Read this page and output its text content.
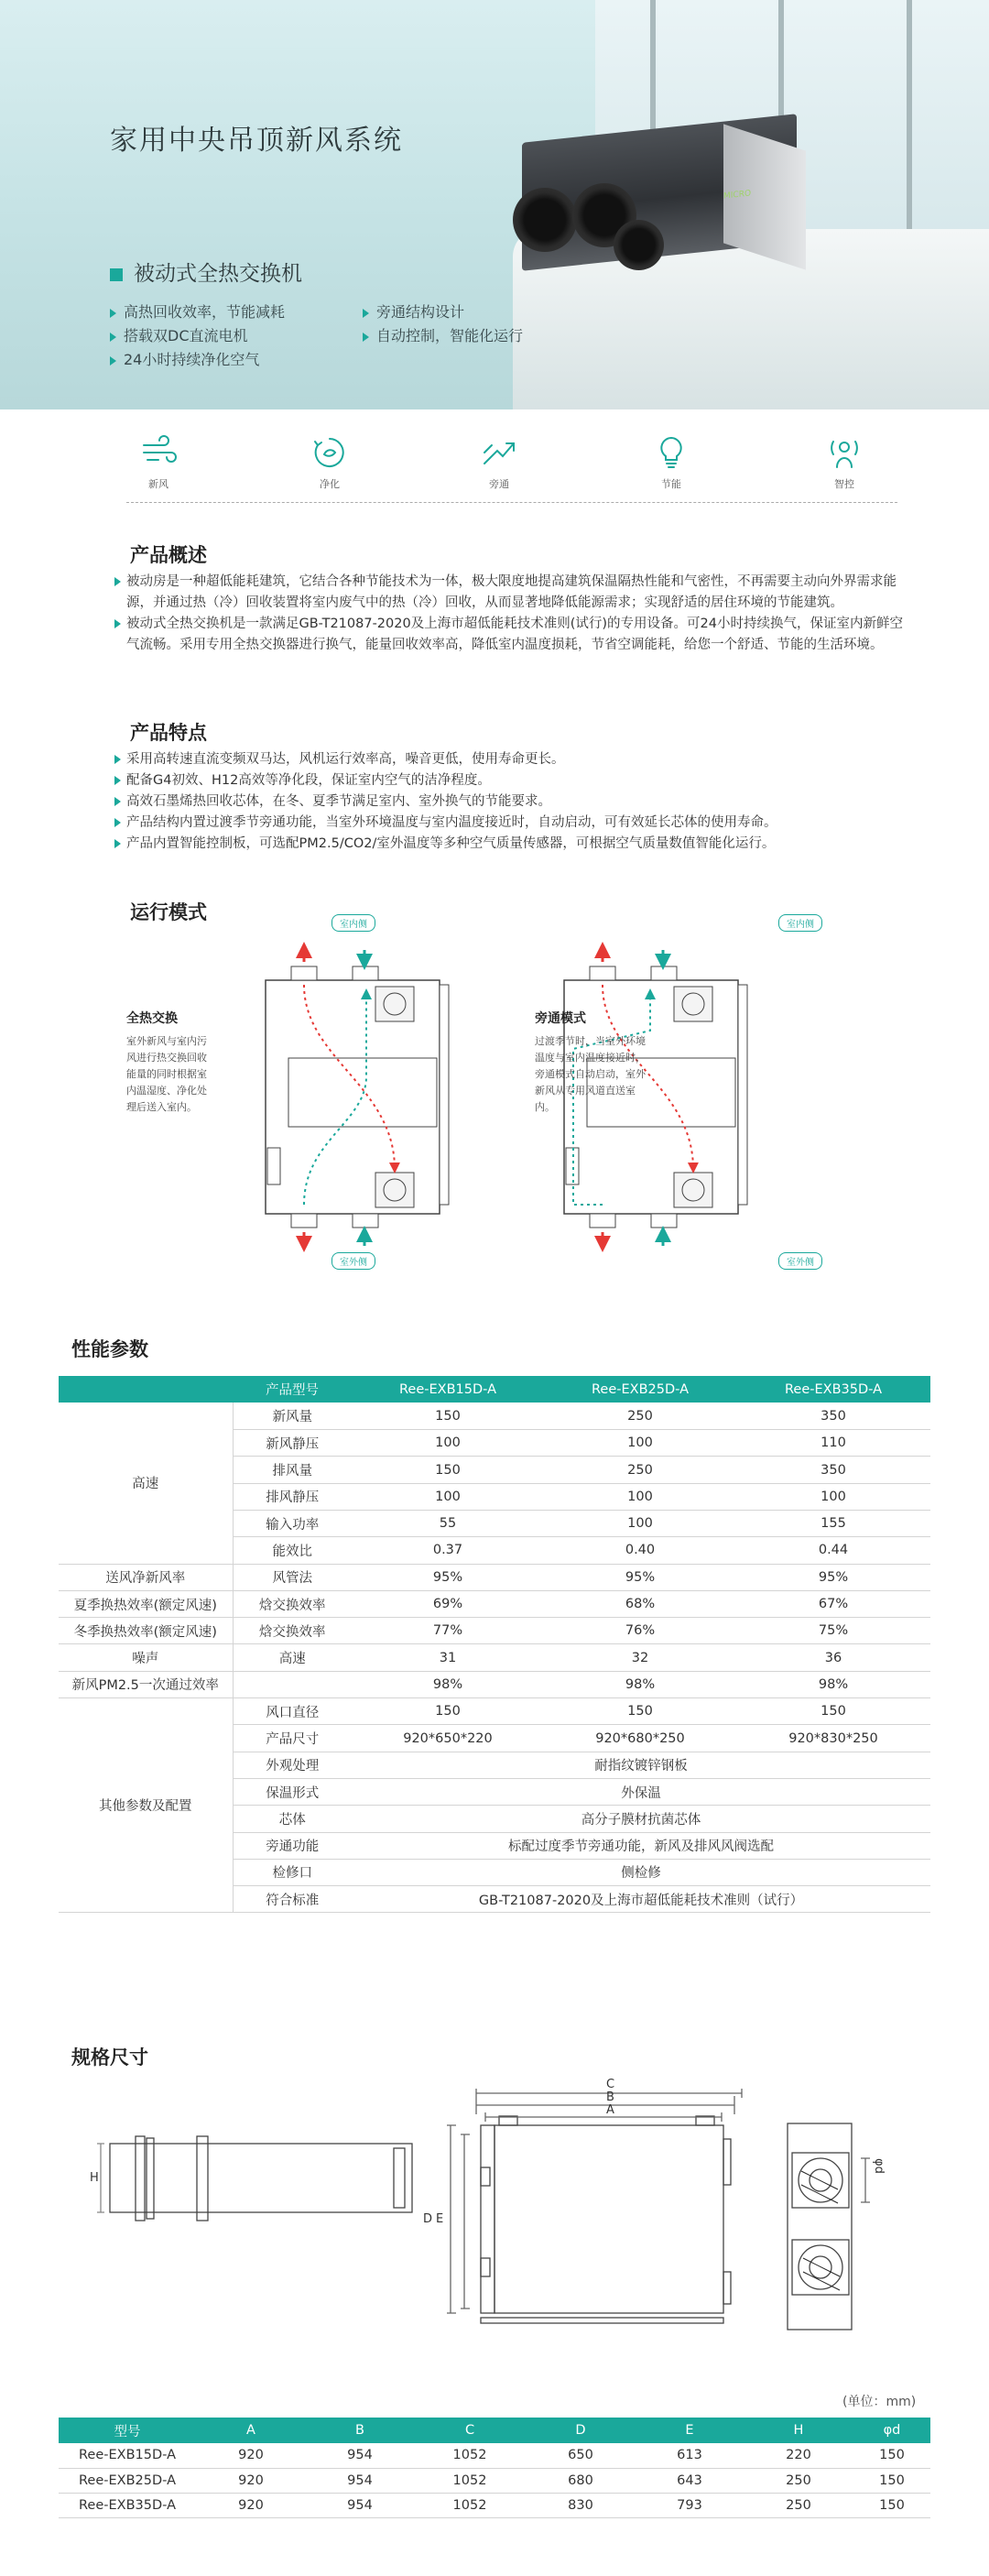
MICRO
家用中央吊顶新风系统
被动式全热交换机
高热回收效率，节能减耗	旁通结构设计
搭载双DC直流电机	自动控制，智能化运行
24小时持续净化空气
新风	净化	旁通	节能	智控
产品概述
被动房是一种超低能耗建筑，它结合各种节能技术为一体，极大限度地提高建筑保温隔热性能和气密性，不再需要主动向外界需求能源，并通过热（冷）回收装置将室内废气中的热（冷）回收，从而显著地降低能源需求；实现舒适的居住环境的节能建筑。
被动式全热交换机是一款满足GB-T21087-2020及上海市超低能耗技术准则(试行)的专用设备。可24小时持续换气，保证室内新鲜空气流畅。采用专用全热交换器进行换气，能量回收效率高，降低室内温度损耗，节省空调能耗，给您一个舒适、节能的生活环境。
产品特点
采用高转速直流变频双马达，风机运行效率高，噪音更低，使用寿命更长。
配备G4初效、H12高效等净化段，保证室内空气的洁净程度。
高效石墨烯热回收芯体，在冬、夏季节满足室内、室外换气的节能要求。
产品结构内置过渡季节旁通功能，当室外环境温度与室内温度接近时，自动启动，可有效延长芯体的使用寿命。
产品内置智能控制板，可选配PM2.5/CO2/室外温度等多种空气质量传感器，可根据空气质量数值智能化运行。
运行模式
室内侧	室内侧
室外侧	室外侧
全热交换
室外新风与室内污
风进行热交换回收
能量的同时根据室
内温湿度、净化处
理后送入室内。
旁通模式
过渡季节时，当室外环境
温度与室内温度接近时，
旁通模式自动启动，室外
新风从专用风道直送室
内。
性能参数
	产品型号	Ree-EXB15D-A	Ree-EXB25D-A	Ree-EXB35D-A
高速	新风量	150	250	350
	新风静压	100	100	110
	排风量	150	250	350
	排风静压	100	100	100
	输入功率	55	100	155
	能效比	0.37	0.40	0.44
送风净新风率	风管法	95%	95%	95%
夏季换热效率(额定风速)	焓交换效率	69%	68%	67%
冬季换热效率(额定风速)	焓交换效率	77%	76%	75%
噪声	高速	31	32	36
新风PM2.5一次通过效率		98%	98%	98%
其他参数及配置	风口直径	150	150	150
	产品尺寸	920*650*220	920*680*250	920*830*250
	外观处理	耐指纹镀锌钢板		
	保温形式	外保温		
	芯体	高分子膜材抗菌芯体		
	旁通功能	标配过度季节旁通功能，新风及排风风阀选配		
	检修口	侧检修		
	符合标准	GB-T21087-2020及上海市超低能耗技术准则（试行）		
规格尺寸
C
B
A
H
D E
φd
(单位：mm)
型号	A	B	C	D	E	H	φd
Ree-EXB15D-A	920	954	1052	650	613	220	150
Ree-EXB25D-A	920	954	1052	680	643	250	150
Ree-EXB35D-A	920	954	1052	830	793	250	150
